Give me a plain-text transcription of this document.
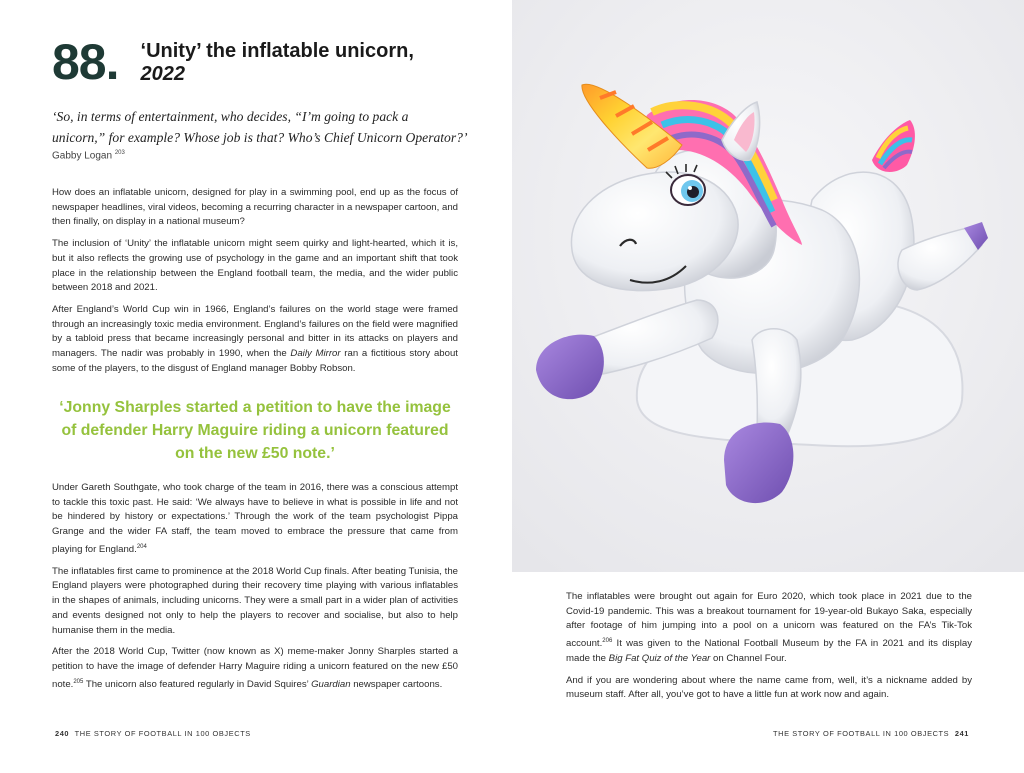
88. ‘Unity’ the inflatable unicorn,
2022
‘So, in terms of entertainment, who decides, “I’m going to pack a
unicorn,” for example? Whose job is that? Who’s Chief Unicorn Operator?’
Gabby Logan $^{203}$

How does an inflatable unicorn, designed for play in a swimming pool, end up as the focus of newspaper headlines, viral videos, becoming a recurring character in a newspaper cartoon, and then finally, on display in a national museum?

The inclusion of ‘Unity’ the inflatable unicorn might seem quirky and light-hearted, which it is, but it also reflects the growing use of psychology in the game and an important shift that took place in the relationship between the England football team, the media, and the wider public between 2018 and 2021.

After England’s World Cup win in 1966, England’s failures on the world stage were framed through an increasingly toxic media environment. England’s failures on the field were magnified by a tabloid press that became increasingly personal and bitter in its attacks on players and managers. The nadir was probably in 1990, when the Daily Mirror ran a fictitious story about some of the players, to the disgust of England manager Bobby Robson.

‘Jonny Sharples started a petition to have the image of defender Harry Maguire riding a unicorn featured on the new £50 note.’

Under Gareth Southgate, who took charge of the team in 2016, there was a conscious attempt to tackle this toxic past. He said: ‘We always have to believe in what is possible in life and not be hindered by history or expectations.’ Through the work of the team psychologist Pippa Grange and the wider FA staff, the team moved to embrace the pressure that came from playing for England.$^{204}$

The inflatables first came to prominence at the 2018 World Cup finals. After beating Tunisia, the England players were photographed during their recovery time playing with various inflatables in the shapes of animals, including unicorns. They were a small part in a wider plan of activities and events designed not only to help the players to recover and socialise, but also to help humanise them in the media.

After the 2018 World Cup, Twitter (now known as X) meme-maker Jonny Sharples started a petition to have the image of defender Harry Maguire riding a unicorn featured on the new £50 note.$^{205}$ The unicorn also featured regularly in David Squires’ Guardian newspaper cartoons.

240 THE STORY OF FOOTBALL IN 100 OBJECTS

The inflatables were brought out again for Euro 2020, which took place in 2021 due to the Covid-19 pandemic. This was a breakout tournament for 19-year-old Bukayo Saka, especially after footage of him jumping into a pool on a unicorn was featured on the FA’s Tik-Tok account.$^{206}$ It was given to the National Football Museum by the FA in 2021 and its display made the Big Fat Quiz of the Year on Channel Four.

And if you are wondering about where the name came from, well, it’s a nickname added by museum staff. After all, you’ve got to have a little fun at work now and again.

THE STORY OF FOOTBALL IN 100 OBJECTS 241
